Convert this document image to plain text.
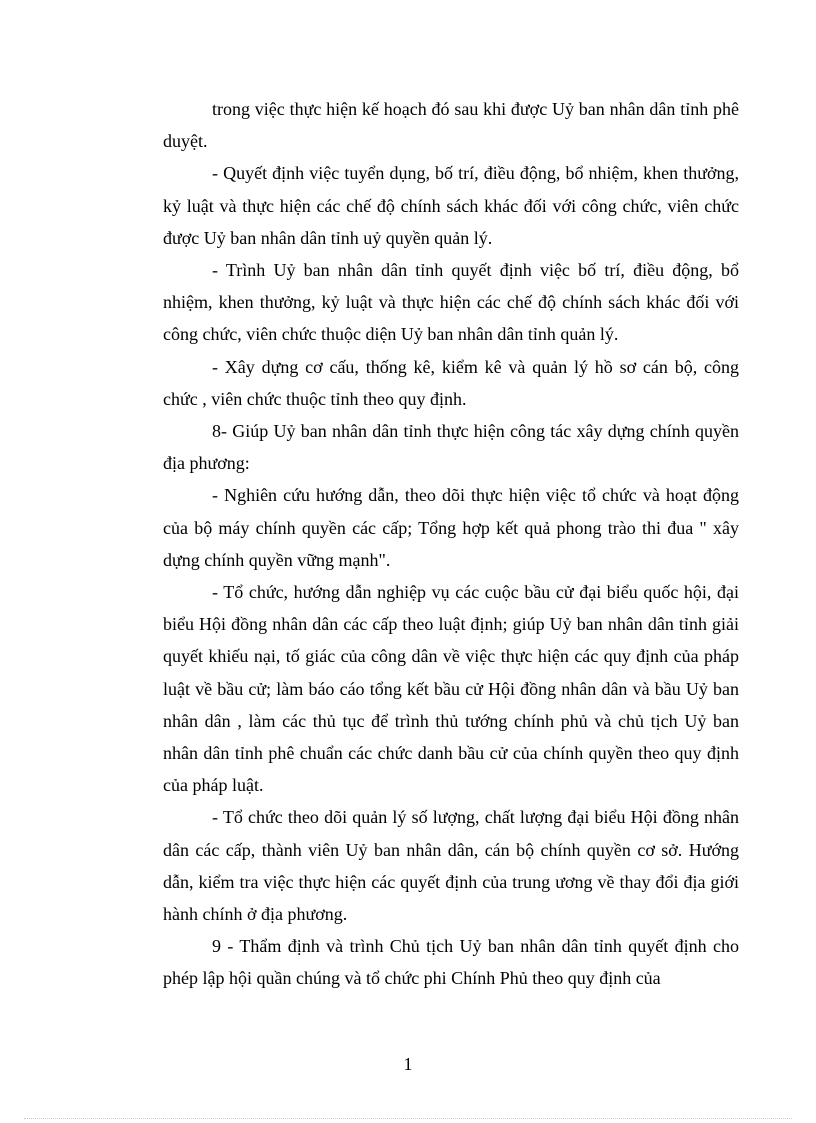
trong việc thực hiện kế hoạch đó sau khi được Uỷ ban nhân dân tỉnh phê duyệt.

- Quyết định việc tuyển dụng, bố trí, điều động, bổ nhiệm, khen thưởng, kỷ luật và thực hiện các chế độ chính sách khác đối với công chức, viên chức được Uỷ ban nhân dân tỉnh uỷ quyền quản lý.

- Trình Uỷ ban nhân dân tỉnh quyết định việc bố trí, điều động, bổ nhiệm, khen thưởng, kỷ luật và thực hiện các chế độ chính sách khác đối với công chức, viên chức thuộc diện Uỷ ban nhân dân tỉnh quản lý.

- Xây dựng cơ cấu, thống kê, kiểm kê và quản lý hồ sơ cán bộ, công chức , viên chức thuộc tỉnh theo quy định.

8- Giúp Uỷ ban nhân dân tỉnh thực hiện công tác xây dựng chính quyền địa phương:

- Nghiên cứu hướng dẫn, theo dõi thực hiện việc tổ chức và hoạt động của bộ máy chính quyền các cấp; Tổng hợp kết quả phong trào thi đua " xây dựng chính quyền vững mạnh".

- Tổ chức, hướng dẫn nghiệp vụ các cuộc bầu cử đại biểu quốc hội, đại biểu Hội đồng nhân dân các cấp theo luật định; giúp Uỷ ban nhân dân tỉnh giải quyết khiếu nại, tố giác của công dân về việc thực hiện các quy định của pháp luật về bầu cử; làm báo cáo tổng kết bầu cử Hội đồng nhân dân và bầu Uỷ ban nhân dân , làm các thủ tục để trình thủ tướng chính phủ và chủ tịch Uỷ ban nhân dân tỉnh phê chuẩn các chức danh bầu cử của chính quyền theo quy định của pháp luật.

- Tổ chức theo dõi quản lý số lượng, chất lượng đại biểu Hội đồng nhân dân các cấp, thành viên Uỷ ban nhân dân, cán bộ chính quyền cơ sở. Hướng dẫn, kiểm tra việc thực hiện các quyết định của trung ương về thay đổi địa giới hành chính ở địa phương.

9 - Thẩm định và trình Chủ tịch Uỷ ban nhân dân tỉnh quyết định cho phép lập hội quần chúng và tổ chức phi Chính Phủ theo quy định của

1
